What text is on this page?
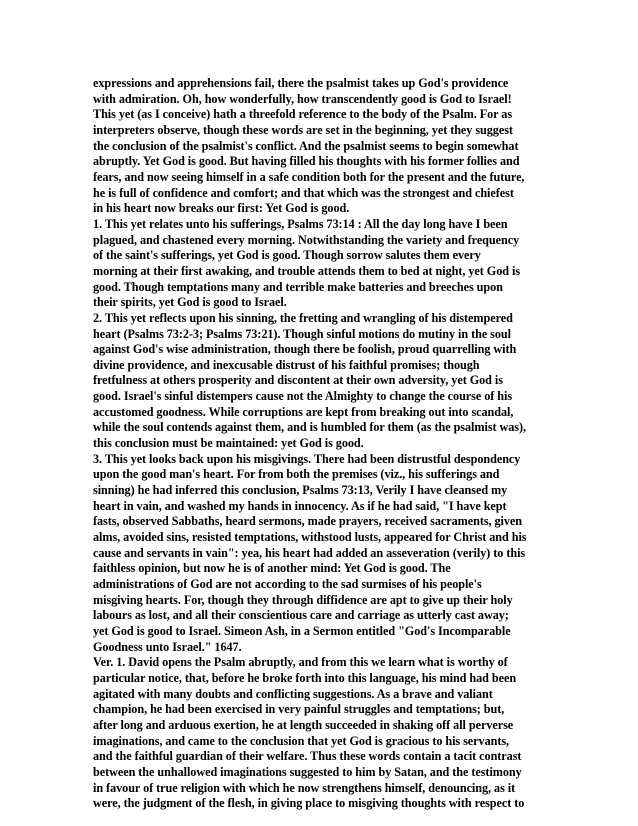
expressions and apprehensions fail, there the psalmist takes up God's providence
with admiration. Oh, how wonderfully, how transcendently good is God to Israel!
This yet (as I conceive) hath a threefold reference to the body of the Psalm. For as
interpreters observe, though these words are set in the beginning, yet they suggest
the conclusion of the psalmist's conflict. And the psalmist seems to begin somewhat
abruptly. Yet God is good. But having filled his thoughts with his former follies and
fears, and now seeing himself in a safe condition both for the present and the future,
he is full of confidence and comfort; and that which was the strongest and chiefest
in his heart now breaks our first: Yet God is good.
1. This yet relates unto his sufferings, Psalms 73:14 : All the day long have I been
plagued, and chastened every morning. Notwithstanding the variety and frequency
of the saint's sufferings, yet God is good. Though sorrow salutes them every
morning at their first awaking, and trouble attends them to bed at night, yet God is
good. Though temptations many and terrible make batteries and breeches upon
their spirits, yet God is good to Israel.
2. This yet reflects upon his sinning, the fretting and wrangling of his distempered
heart (Psalms 73:2-3; Psalms 73:21). Though sinful motions do mutiny in the soul
against God's wise administration, though there be foolish, proud quarrelling with
divine providence, and inexcusable distrust of his faithful promises; though
fretfulness at others prosperity and discontent at their own adversity, yet God is
good. Israel's sinful distempers cause not the Almighty to change the course of his
accustomed goodness. While corruptions are kept from breaking out into scandal,
while the soul contends against them, and is humbled for them (as the psalmist was),
this conclusion must be maintained: yet God is good.
3. This yet looks back upon his misgivings. There had been distrustful despondency
upon the good man's heart. For from both the premises (viz., his sufferings and
sinning) he had inferred this conclusion, Psalms 73:13, Verily I have cleansed my
heart in vain, and washed my hands in innocency. As if he had said, "I have kept
fasts, observed Sabbaths, heard sermons, made prayers, received sacraments, given
alms, avoided sins, resisted temptations, withstood lusts, appeared for Christ and his
cause and servants in vain": yea, his heart had added an asseveration (verily) to this
faithless opinion, but now he is of another mind: Yet God is good. The
administrations of God are not according to the sad surmises of his people's
misgiving hearts. For, though they through diffidence are apt to give up their holy
labours as lost, and all their conscientious care and carriage as utterly cast away;
yet God is good to Israel. Simeon Ash, in a Sermon entitled "God's Incomparable
Goodness unto Israel." 1647.
Ver. 1. David opens the Psalm abruptly, and from this we learn what is worthy of
particular notice, that, before he broke forth into this language, his mind had been
agitated with many doubts and conflicting suggestions. As a brave and valiant
champion, he had been exercised in very painful struggles and temptations; but,
after long and arduous exertion, he at length succeeded in shaking off all perverse
imaginations, and came to the conclusion that yet God is gracious to his servants,
and the faithful guardian of their welfare. Thus these words contain a tacit contrast
between the unhallowed imaginations suggested to him by Satan, and the testimony
in favour of true religion with which he now strengthens himself, denouncing, as it
were, the judgment of the flesh, in giving place to misgiving thoughts with respect to
